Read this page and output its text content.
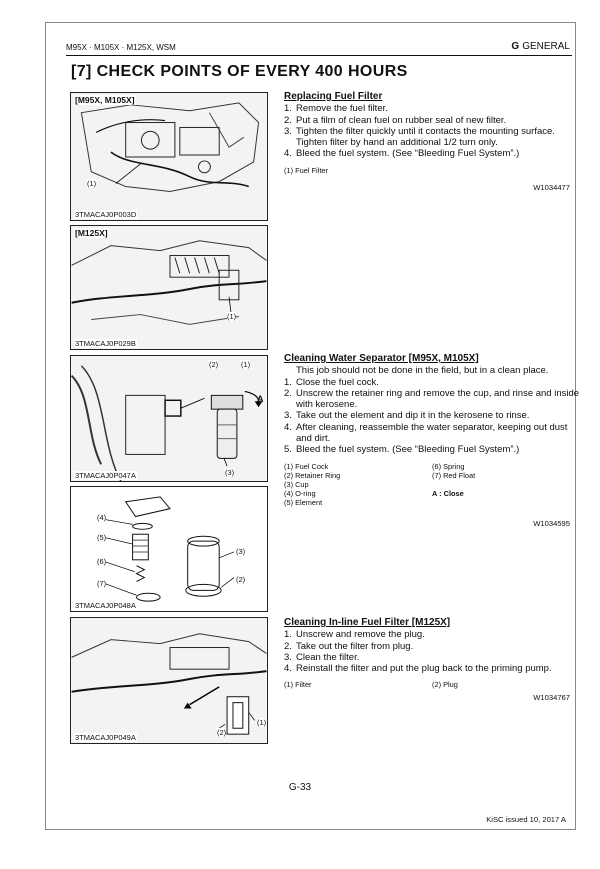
M95X · M105X · M125X, WSM	G GENERAL
[7] CHECK POINTS OF EVERY 400 HOURS
[M95X, M105X]
(1)
3TMACAJ0P003D
[M125X]
(1)
3TMACAJ0P029B
(2)	(1)
(3)
A
3TMACAJ0P047A
(4)
(5)
(6)
(7)
(3)
(2)
3TMACAJ0P048A
(1)
(2)
3TMACAJ0P049A
Replacing Fuel Filter
1. Remove the fuel filter.
2. Put a film of clean fuel on rubber seal of new filter.
3. Tighten the filter quickly until it contacts the mounting surface. Tighten filter by hand an additional 1/2 turn only.
4. Bleed the fuel system. (See “Bleeding Fuel System”.)
(1) Fuel Filter
W1034477
Cleaning Water Separator [M95X, M105X]
This job should not be done in the field, but in a clean place.
1. Close the fuel cock.
2. Unscrew the retainer ring and remove the cup, and rinse and inside with kerosene.
3. Take out the element and dip it in the kerosene to rinse.
4. After cleaning, reassemble the water separator, keeping out dust and dirt.
5. Bleed the fuel system. (See “Bleeding Fuel System”.)
(1) Fuel Cock	(6) Spring
(2) Retainer Ring	(7) Red Float
(3) Cup
(4) O-ring	A : Close
(5) Element
W1034595
Cleaning In-line Fuel Filter [M125X]
1. Unscrew and remove the plug.
2. Take out the filter from plug.
3. Clean the filter.
4. Reinstall the filter and put the plug back to the priming pump.
(1) Filter	(2) Plug
W1034767
G-33
KiSC issued 10, 2017 A
